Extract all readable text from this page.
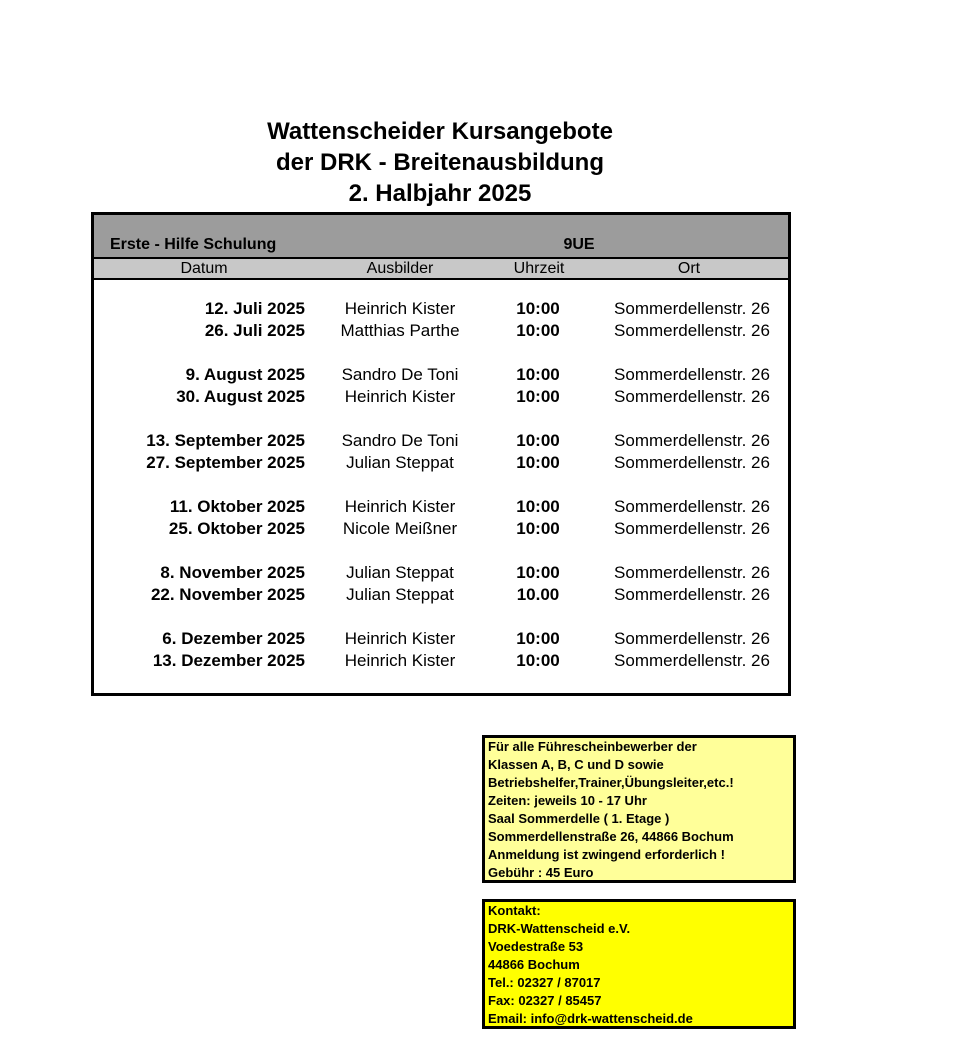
Wattenscheider Kursangebote
der DRK - Breitenausbildung
2. Halbjahr 2025
Erste - Hilfe Schulung	9UE
Datum	Ausbilder	Uhrzeit	Ort
12. Juli 2025	Heinrich Kister	10:00	Sommerdellenstr. 26
26. Juli 2025	Matthias Parthe	10:00	Sommerdellenstr. 26
9. August 2025	Sandro De Toni	10:00	Sommerdellenstr. 26
30. August 2025	Heinrich Kister	10:00	Sommerdellenstr. 26
13. September 2025	Sandro De Toni	10:00	Sommerdellenstr. 26
27. September 2025	Julian Steppat	10:00	Sommerdellenstr. 26
11. Oktober 2025	Heinrich Kister	10:00	Sommerdellenstr. 26
25. Oktober 2025	Nicole Meißner	10:00	Sommerdellenstr. 26
8. November 2025	Julian Steppat	10:00	Sommerdellenstr. 26
22. November 2025	Julian Steppat	10.00	Sommerdellenstr. 26
6. Dezember 2025	Heinrich Kister	10:00	Sommerdellenstr. 26
13. Dezember 2025	Heinrich Kister	10:00	Sommerdellenstr. 26
Für alle Führescheinbewerber der
Klassen A, B, C und D sowie
Betriebshelfer,Trainer,Übungsleiter,etc.!
Zeiten: jeweils 10 - 17 Uhr
Saal Sommerdelle ( 1. Etage )
Sommerdellenstraße 26, 44866 Bochum
Anmeldung ist zwingend erforderlich !
Gebühr : 45 Euro
Kontakt:
DRK-Wattenscheid e.V.
Voedestraße 53
44866 Bochum
Tel.: 02327 / 87017
Fax: 02327 / 85457
Email: info@drk-wattenscheid.de
